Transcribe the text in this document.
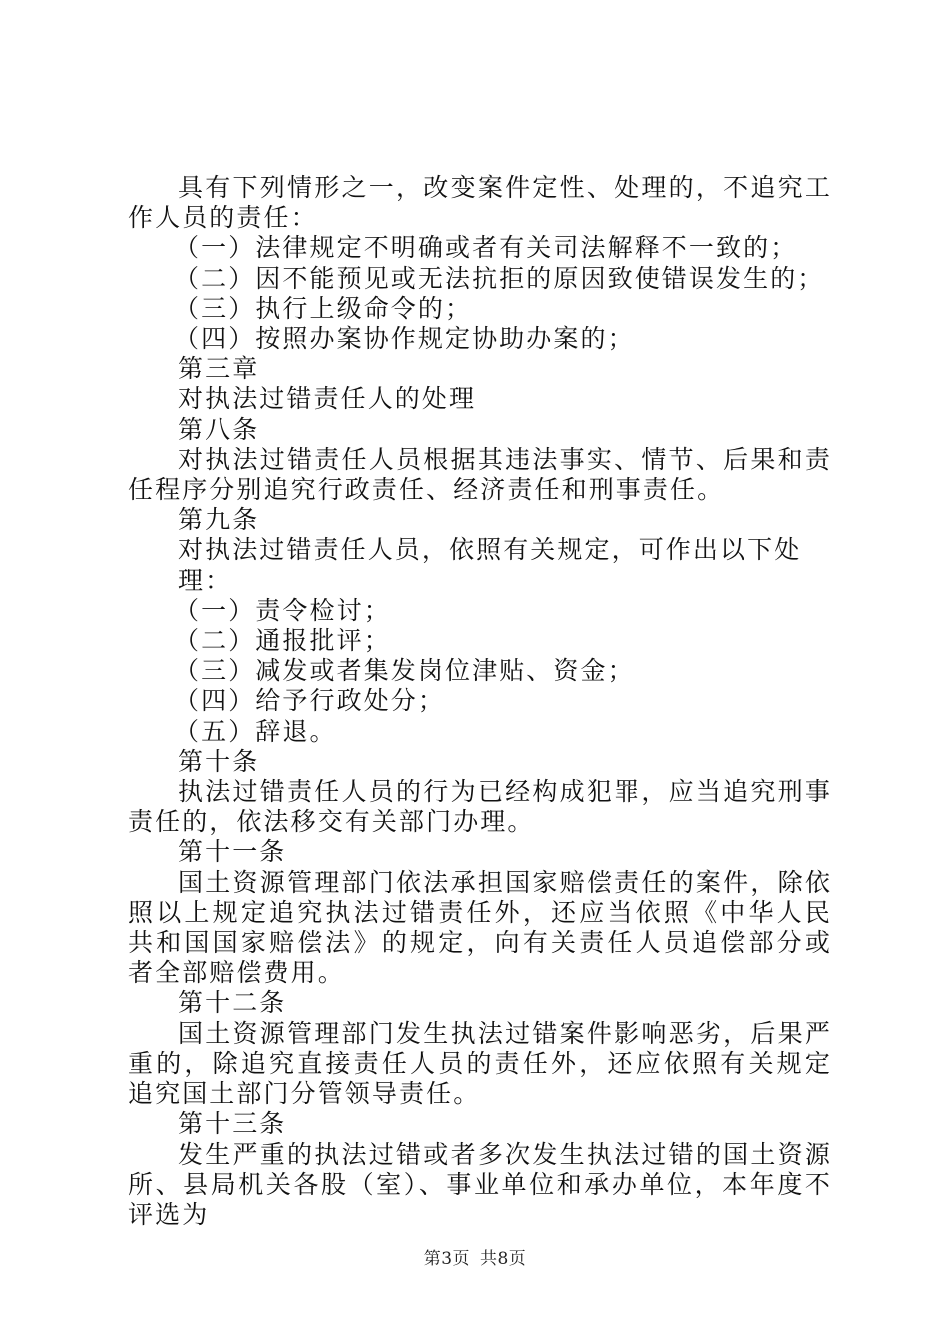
具有下列情形之一，改变案件定性、处理的，不追究工作人员的责任：

（一）法律规定不明确或者有关司法解释不一致的；

（二）因不能预见或无法抗拒的原因致使错误发生的；

（三）执行上级命令的；

（四）按照办案协作规定协助办案的；

第三章

对执法过错责任人的处理

第八条

对执法过错责任人员根据其违法事实、情节、后果和责任程序分别追究行政责任、经济责任和刑事责任。

第九条

对执法过错责任人员，依照有关规定，可作出以下处理：

（一）责令检讨；

（二）通报批评；

（三）减发或者集发岗位津贴、资金；

（四）给予行政处分；

（五）辞退。

第十条

执法过错责任人员的行为已经构成犯罪，应当追究刑事责任的，依法移交有关部门办理。

第十一条

国土资源管理部门依法承担国家赔偿责任的案件，除依照以上规定追究执法过错责任外，还应当依照《中华人民共和国国家赔偿法》的规定，向有关责任人员追偿部分或者全部赔偿费用。

第十二条

国土资源管理部门发生执法过错案件影响恶劣，后果严重的，除追究直接责任人员的责任外，还应依照有关规定追究国土部门分管领导责任。

第十三条

发生严重的执法过错或者多次发生执法过错的国土资源所、县局机关各股（室）、事业单位和承办单位，本年度不评选为

第3页 共8页
